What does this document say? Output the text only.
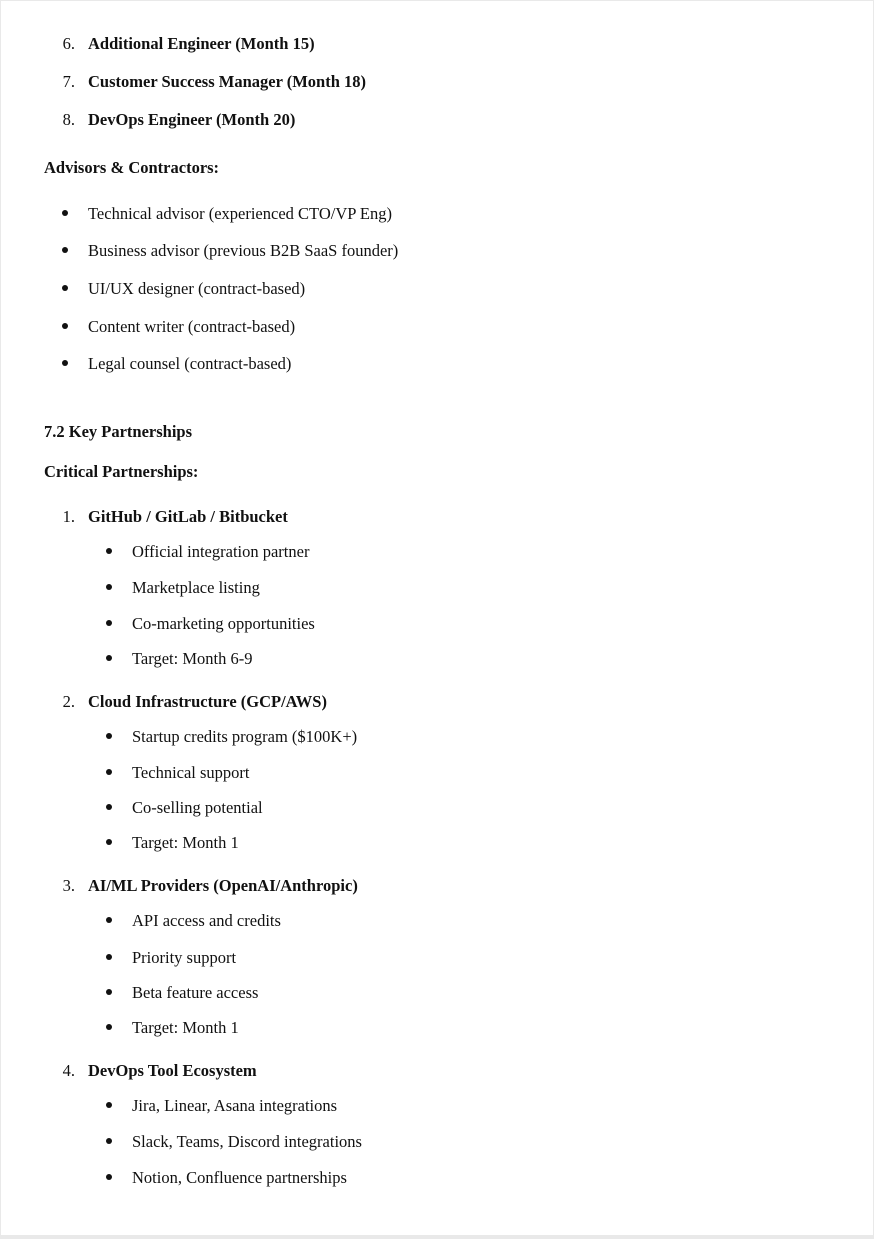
6. Additional Engineer (Month 15)
7. Customer Success Manager (Month 18)
8. DevOps Engineer (Month 20)
Advisors & Contractors:
Technical advisor (experienced CTO/VP Eng)
Business advisor (previous B2B SaaS founder)
UI/UX designer (contract-based)
Content writer (contract-based)
Legal counsel (contract-based)
7.2 Key Partnerships
Critical Partnerships:
1. GitHub / GitLab / Bitbucket
Official integration partner
Marketplace listing
Co-marketing opportunities
Target: Month 6-9
2. Cloud Infrastructure (GCP/AWS)
Startup credits program ($100K+)
Technical support
Co-selling potential
Target: Month 1
3. AI/ML Providers (OpenAI/Anthropic)
API access and credits
Priority support
Beta feature access
Target: Month 1
4. DevOps Tool Ecosystem
Jira, Linear, Asana integrations
Slack, Teams, Discord integrations
Notion, Confluence partnerships
